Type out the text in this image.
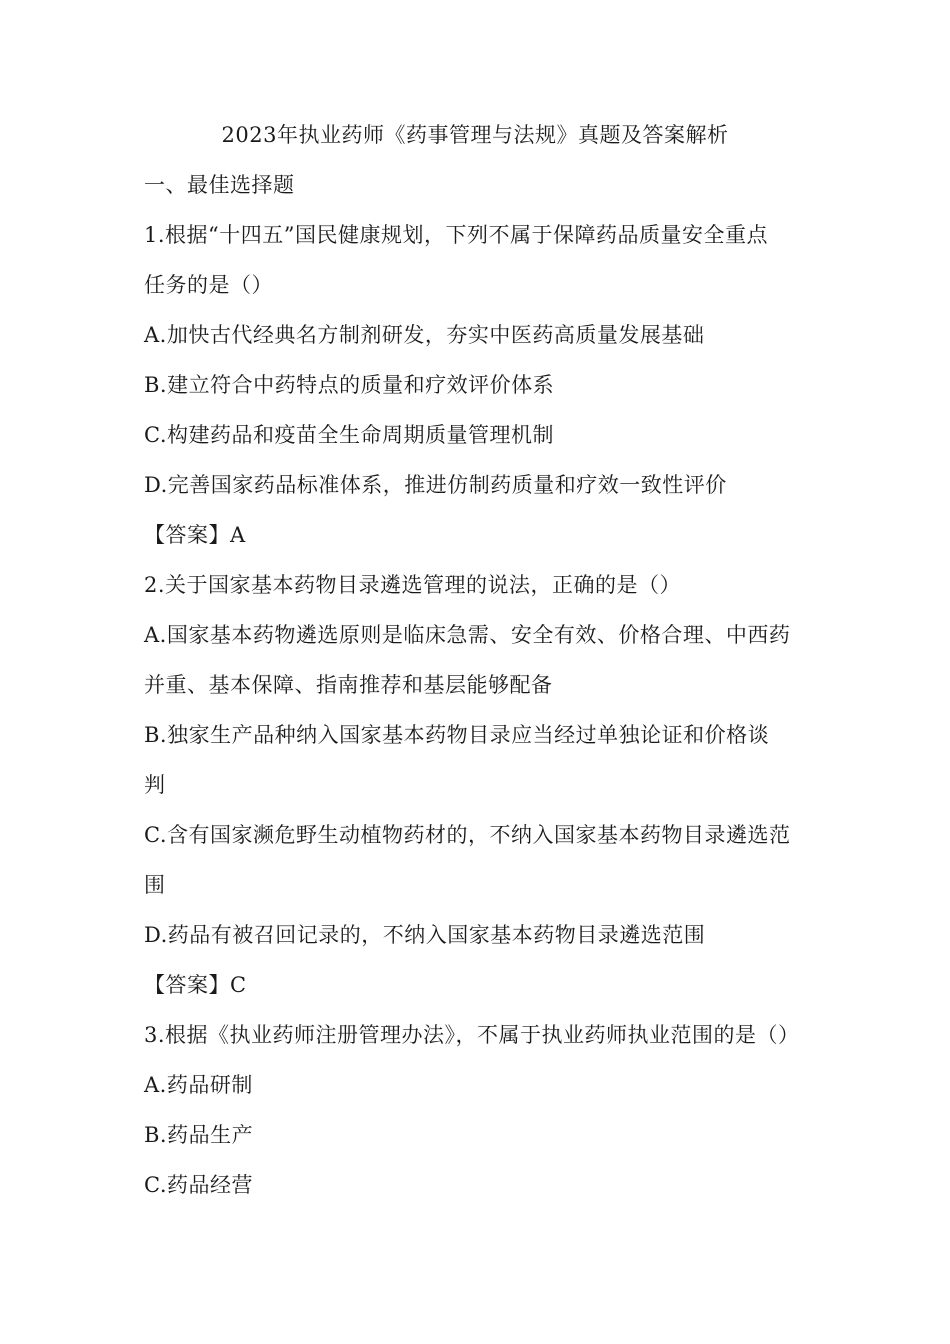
2023年执业药师《药事管理与法规》真题及答案解析
一、最佳选择题
1.根据“十四五”国民健康规划，下列不属于保障药品质量安全重点
任务的是（）
A.加快古代经典名方制剂研发，夯实中医药高质量发展基础
B.建立符合中药特点的质量和疗效评价体系
C.构建药品和疫苗全生命周期质量管理机制
D.完善国家药品标准体系，推进仿制药质量和疗效一致性评价
【答案】A
2.关于国家基本药物目录遴选管理的说法，正确的是（）
A.国家基本药物遴选原则是临床急需、安全有效、价格合理、中西药
并重、基本保障、指南推荐和基层能够配备
B.独家生产品种纳入国家基本药物目录应当经过单独论证和价格谈
判
C.含有国家濒危野生动植物药材的，不纳入国家基本药物目录遴选范
围
D.药品有被召回记录的，不纳入国家基本药物目录遴选范围
【答案】C
3.根据《执业药师注册管理办法》，不属于执业药师执业范围的是（）
A.药品研制
B.药品生产
C.药品经营
